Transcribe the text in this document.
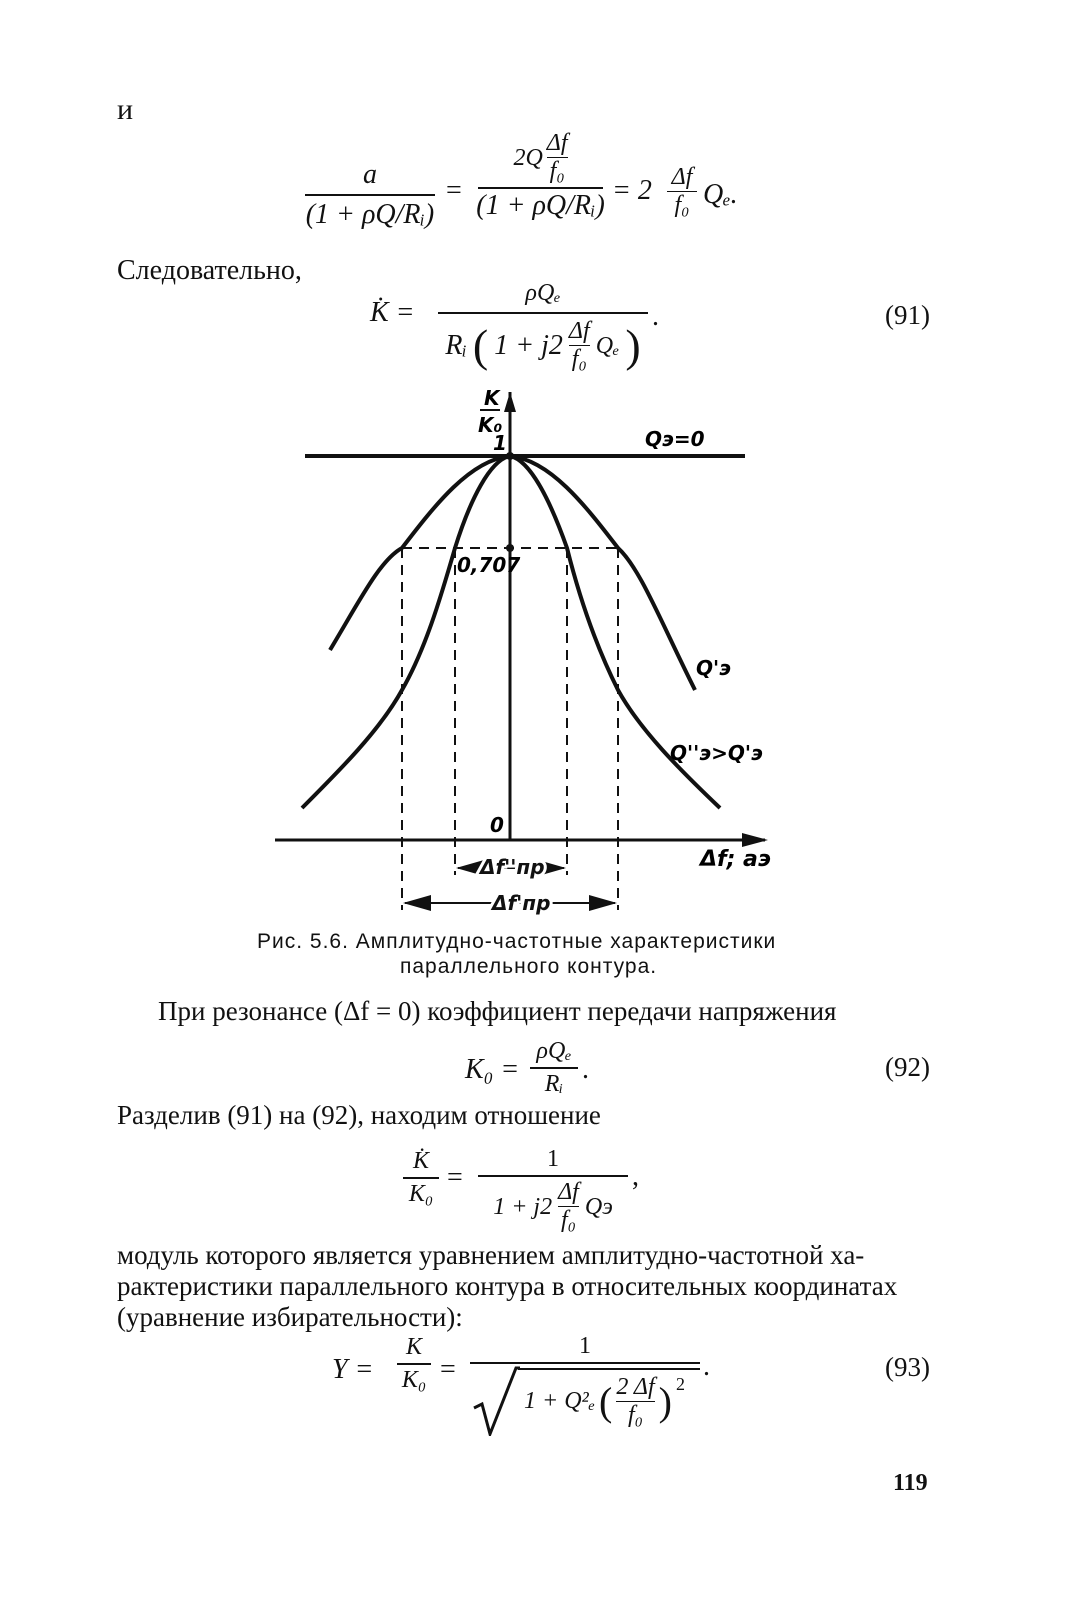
и
a
(1 + ρQ/Rᵢ)
=
2Q
Δf
f₀
(1 + ρQ/Rᵢ) = 2 Δf
f₀ Qₑ.
Следовательно,
K̇ =
ρQₑ
Rᵢ ( 1 + j2 Δf
f₀
Qₑ )
.	(91)
K
K₀
1
0,707
0
Qэ=0
Q'э
Q''э>Q'э
Δf; aэ
Δf''пр
Δf'пр
Рис. 5.6. Амплитудно-частотные характеристики
параллельного контура.
При резонансе (Δf = 0) коэффициент передачи напряжения
K₀ =
ρQₑ
Rᵢ .	(92)
Разделив (91) на (92), находим отношение
K̇
K₀
=
1
1 + j2
Δf
f₀
Qэ
,
модуль которого является уравнением амплитудно-частотной ха-
рактеристики параллельного контура в относительных координатах
(уравнение избирательности):
Y =
K
K₀ =
1
1 + Q²ₑ ( 2 Δf
f₀ ) 2
.	(93)
119
